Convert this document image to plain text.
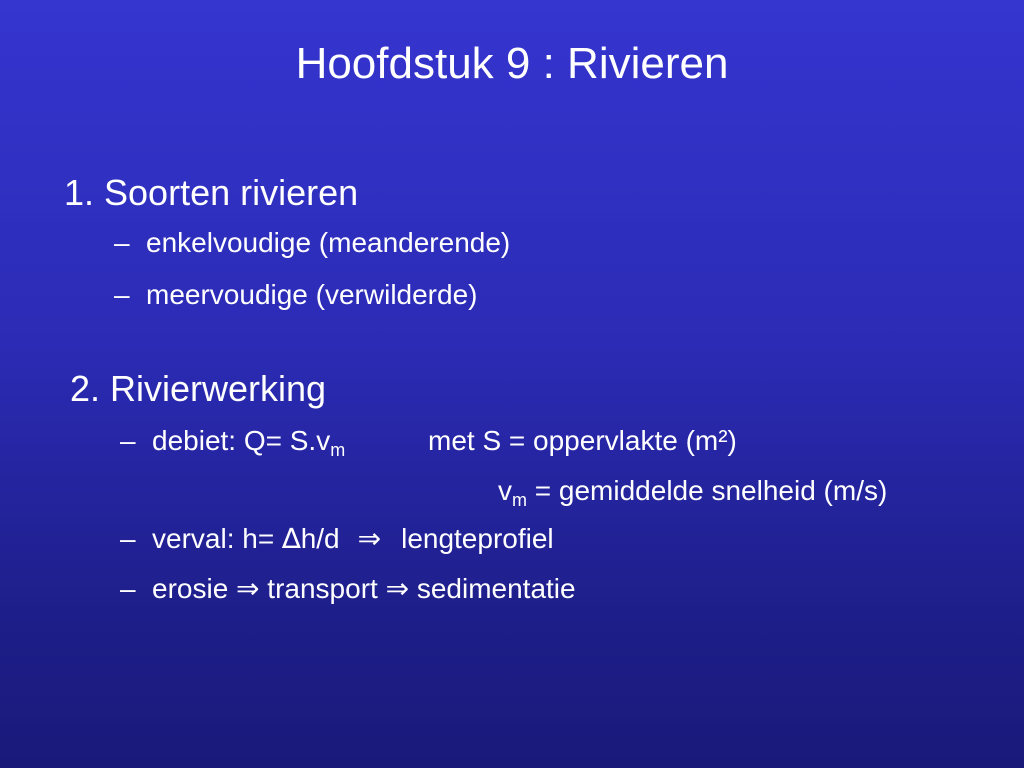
Hoofdstuk 9 : Rivieren
1. Soorten rivieren
– enkelvoudige (meanderende)
– meervoudige (verwilderde)
2. Rivierwerking
– debiet: $Q= S.v_m$	met S = oppervlakte (m²)
$v_m$ = gemiddelde snelheid (m/s)
– verval: h= ∆h/d ⇒ lengteprofiel
– erosie ⇒ transport ⇒ sedimentatie
